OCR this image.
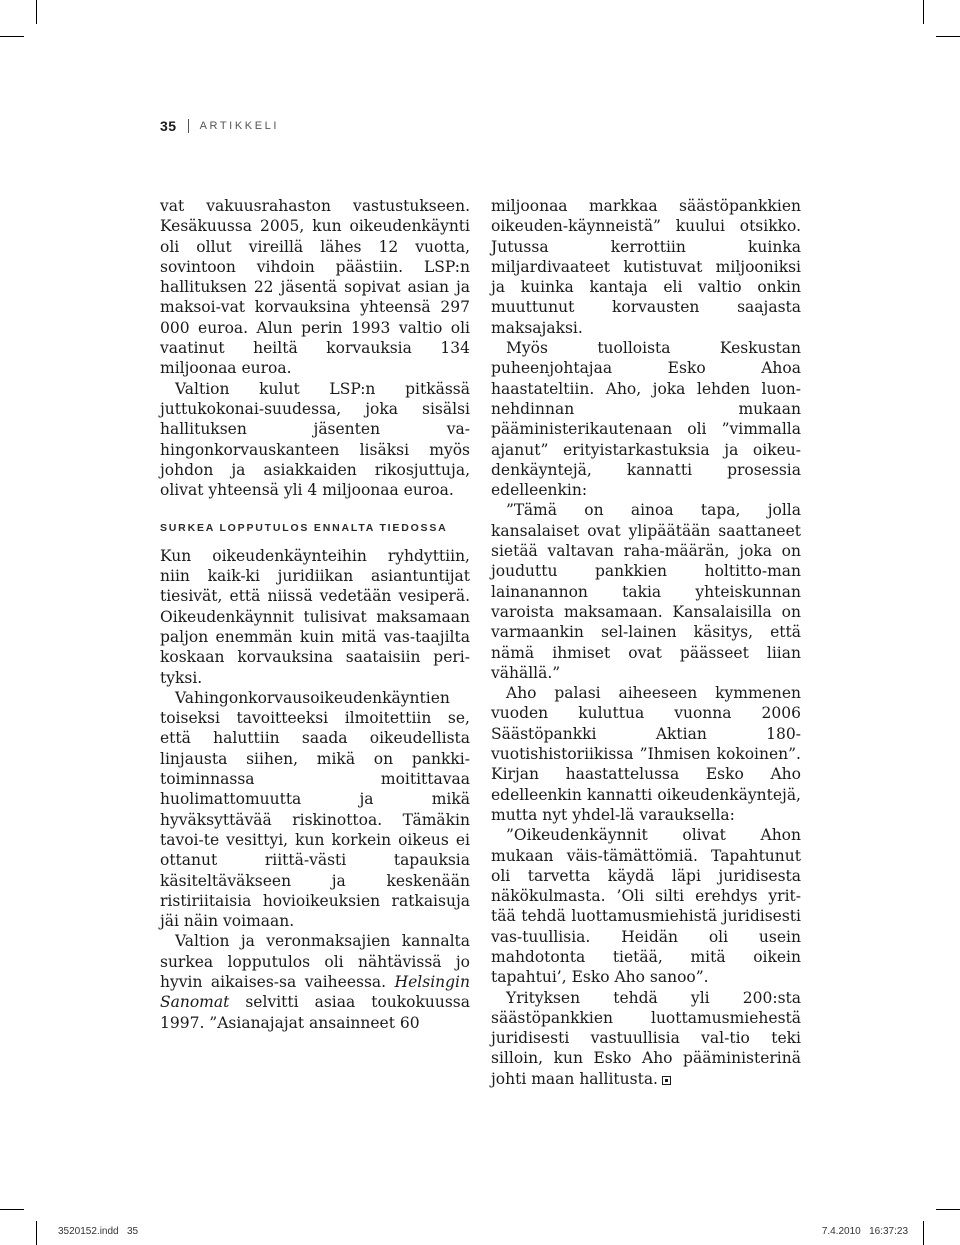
35 ARTIKKELI

vat vakuusrahaston vastustukseen. Kesäkuussa 2005, kun oikeudenkäynti oli ollut vireillä lähes 12 vuotta, sovintoon vihdoin päästiin. LSP:n hallituksen 22 jäsentä sopivat asian ja maksoi-vat korvauksina yhteensä 297 000 euroa. Alun perin 1993 valtio oli vaatinut heiltä korvauksia 134 miljoonaa euroa.

Valtion kulut LSP:n pitkässä juttukokonai-suudessa, joka sisälsi hallituksen jäsenten va-hingonkorvauskanteen lisäksi myös johdon ja asiakkaiden rikosjuttuja, olivat yhteensä yli 4 miljoonaa euroa.

SURKEA LOPPUTULOS ENNALTA TIEDOSSA

Kun oikeudenkäynteihin ryhdyttiin, niin kaik-ki juridiikan asiantuntijat tiesivät, että niissä vedetään vesiperä. Oikeudenkäynnit tulisivat maksamaan paljon enemmän kuin mitä vas-taajilta koskaan korvauksina saataisiin peri-tyksi.

Vahingonkorvausoikeudenkäyntien toiseksi tavoitteeksi ilmoitettiin se, että haluttiin saada oikeudellista linjausta siihen, mikä on pankki-toiminnassa moitittavaa huolimattomuutta ja mikä hyväksyttävää riskinottoa. Tämäkin tavoi-te vesittyi, kun korkein oikeus ei ottanut riittä-västi tapauksia käsiteltäväkseen ja keskenään ristiriitaisia hovioikeuksien ratkaisuja jäi näin voimaan.

Valtion ja veronmaksajien kannalta surkea lopputulos oli nähtävissä jo hyvin aikaises-sa vaiheessa. Helsingin Sanomat selvitti asiaa toukokuussa 1997. ”Asianajajat ansainneet 60

miljoonaa markkaa säästöpankkien oikeuden-käynneistä” kuului otsikko. Jutussa kerrottiin kuinka miljardivaateet kutistuvat miljooniksi ja kuinka kantaja eli valtio onkin muuttunut korvausten saajasta maksajaksi.

Myös tuolloista Keskustan puheenjohtajaa Esko Ahoa haastateltiin. Aho, joka lehden luon-nehdinnan mukaan pääministerikautenaan oli ”vimmalla ajanut” erityistarkastuksia ja oikeu-denkäyntejä, kannatti prosessia edelleenkin:

”Tämä on ainoa tapa, jolla kansalaiset ovat ylipäätään saattaneet sietää valtavan raha-määrän, joka on jouduttu pankkien holtitto-man lainanannon takia yhteiskunnan varoista maksamaan. Kansalaisilla on varmaankin sel-lainen käsitys, että nämä ihmiset ovat päässeet liian vähällä.”

Aho palasi aiheeseen kymmenen vuoden kuluttua vuonna 2006 Säästöpankki Aktian 180-vuotishistoriikissa ”Ihmisen kokoinen”. Kirjan haastattelussa Esko Aho edelleenkin kannatti oikeudenkäyntejä, mutta nyt yhdel-lä varauksella:

”Oikeudenkäynnit olivat Ahon mukaan väis-tämättömiä. Tapahtunut oli tarvetta käydä läpi juridisesta näkökulmasta. ’Oli silti erehdys yrit-tää tehdä luottamusmiehistä juridisesti vas-tuullisia. Heidän oli usein mahdotonta tietää, mitä oikein tapahtui’, Esko Aho sanoo”.

Yrityksen tehdä yli 200:sta säästöpankkien luottamusmiehestä juridisesti vastuullisia val-tio teki silloin, kun Esko Aho pääministerinä johti maan hallitusta.

3520152.indd   35	7.4.2010   16:37:23
